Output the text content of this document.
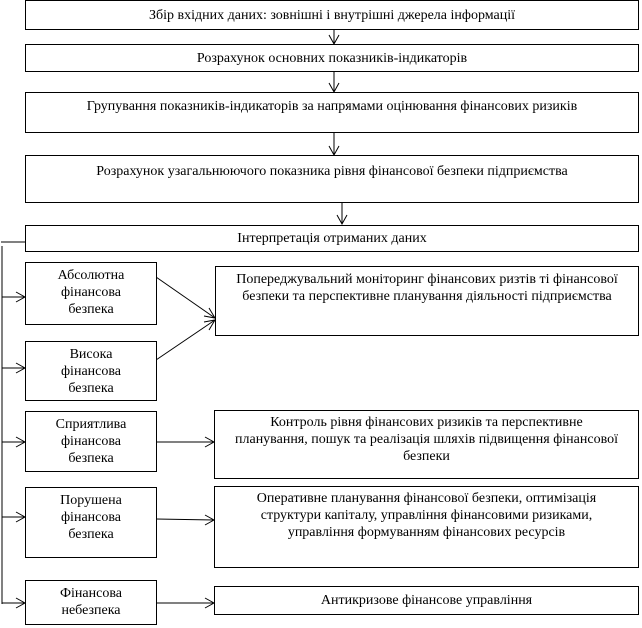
Збір вхідних даних: зовнішні і внутрішні джерела інформації
Розрахунок основних показників-індикаторів
Групування показників-індикаторів за напрямами оцінювання фінансових ризиків
Розрахунок узагальнюючого показника рівня фінансової безпеки підприємства
Інтерпретація отриманих даних
Абсолютна
фінансова
безпека
Висока
фінансова
безпека
Сприятлива
фінансова
безпека
Порушена
фінансова
безпека
Фінансова
небезпека
Попереджувальний моніторинг фінансових ризтів ті фінансової
безпеки та перспективне планування діяльності підприємства
Контроль рівня фінансових ризиків та перспективне
планування, пошук та реалізація шляхів підвищення фінансової
безпеки
Оперативне планування фінансової безпеки, оптимізація
структури капіталу, управління фінансовими ризиками,
управління формуванням фінансових ресурсів
Антикризове фінансове управління
